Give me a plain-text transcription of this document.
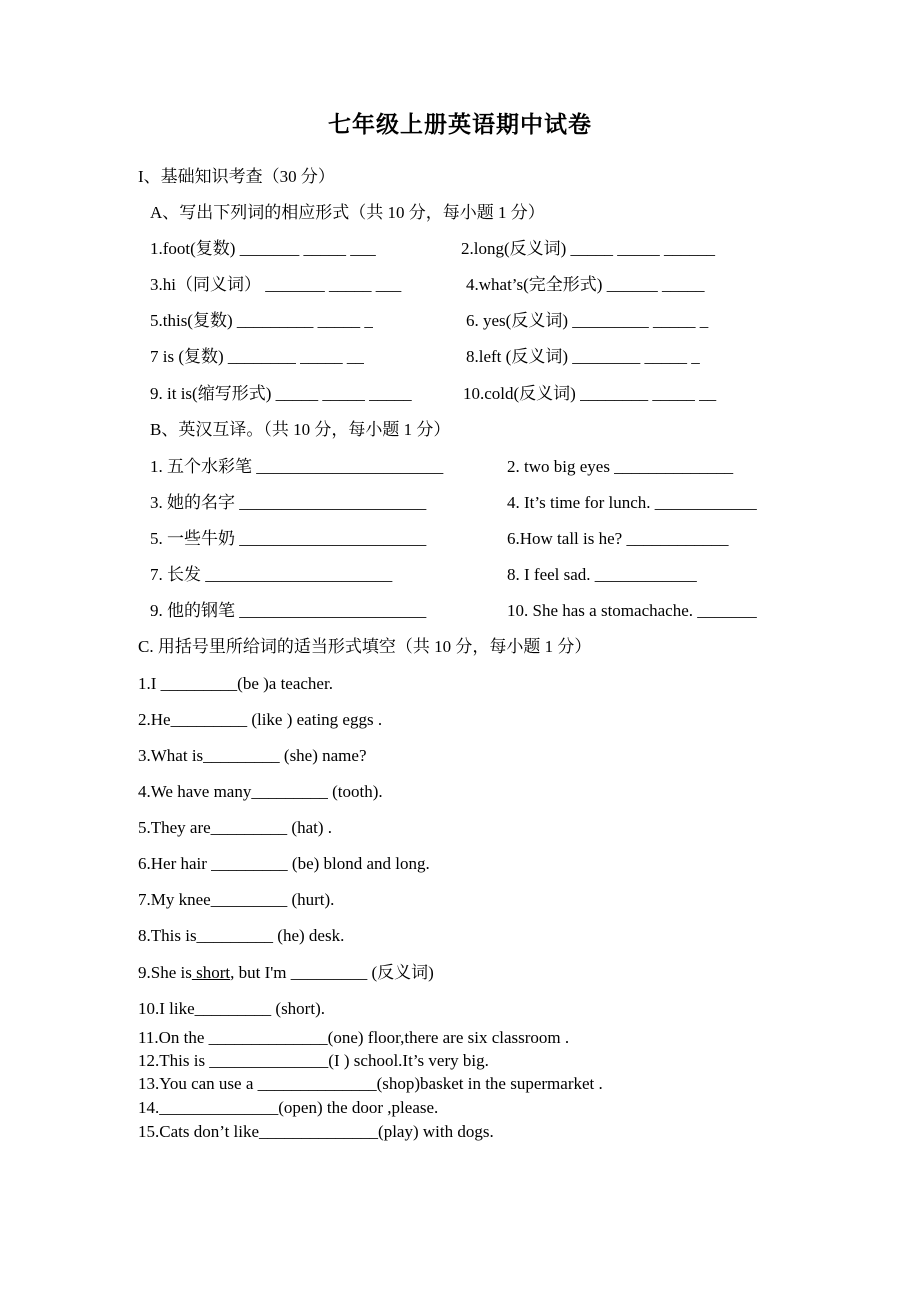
七年级上册英语期中试卷
I、基础知识考查（30 分）
A、写出下列词的相应形式（共 10 分，每小题 1 分）
1.foot(复数) _______ _____ ___	2.long(反义词) _____ _____ ______
3.hi（同义词） _______ _____ ___	4.what’s(完全形式) ______ _____
5.this(复数) _________ _____ _	6. yes(反义词) _________ _____ _
7 is (复数) ________ _____ __	8.left (反义词) ________ _____ _
9. it is(缩写形式) _____ _____ _____	10.cold(反义词) ________ _____ __
B、英汉互译。（共 10 分，每小题 1 分）
1. 五个水彩笔 ______________________	2. two big eyes ______________
3. 她的名字 ______________________	4. It’s time for lunch. ____________
5. 一些牛奶 ______________________	6.How tall is he? ____________
7. 长发 ______________________	8. I feel sad. ____________
9. 他的钢笔 ______________________	10. She has a stomachache. _______
C. 用括号里所给词的适当形式填空（共 10 分，每小题 1 分）
1.I _________(be )a teacher.
2.He_________ (like ) eating eggs .
3.What is_________ (she) name?
4.We have many_________ (tooth).
5.They are_________ (hat) .
6.Her hair _________ (be) blond and long.
7.My knee_________ (hurt).
8.This is_________ (he) desk.
9.She is short, but I'm _________ (反义词)
10.I like_________ (short).
11.On the ______________(one) floor,there are six classroom .
12.This is ______________(I ) school.It’s very big.
13.You can use a ______________(shop)basket in the supermarket .
14.______________(open) the door ,please.
15.Cats don’t like______________(play) with dogs.
